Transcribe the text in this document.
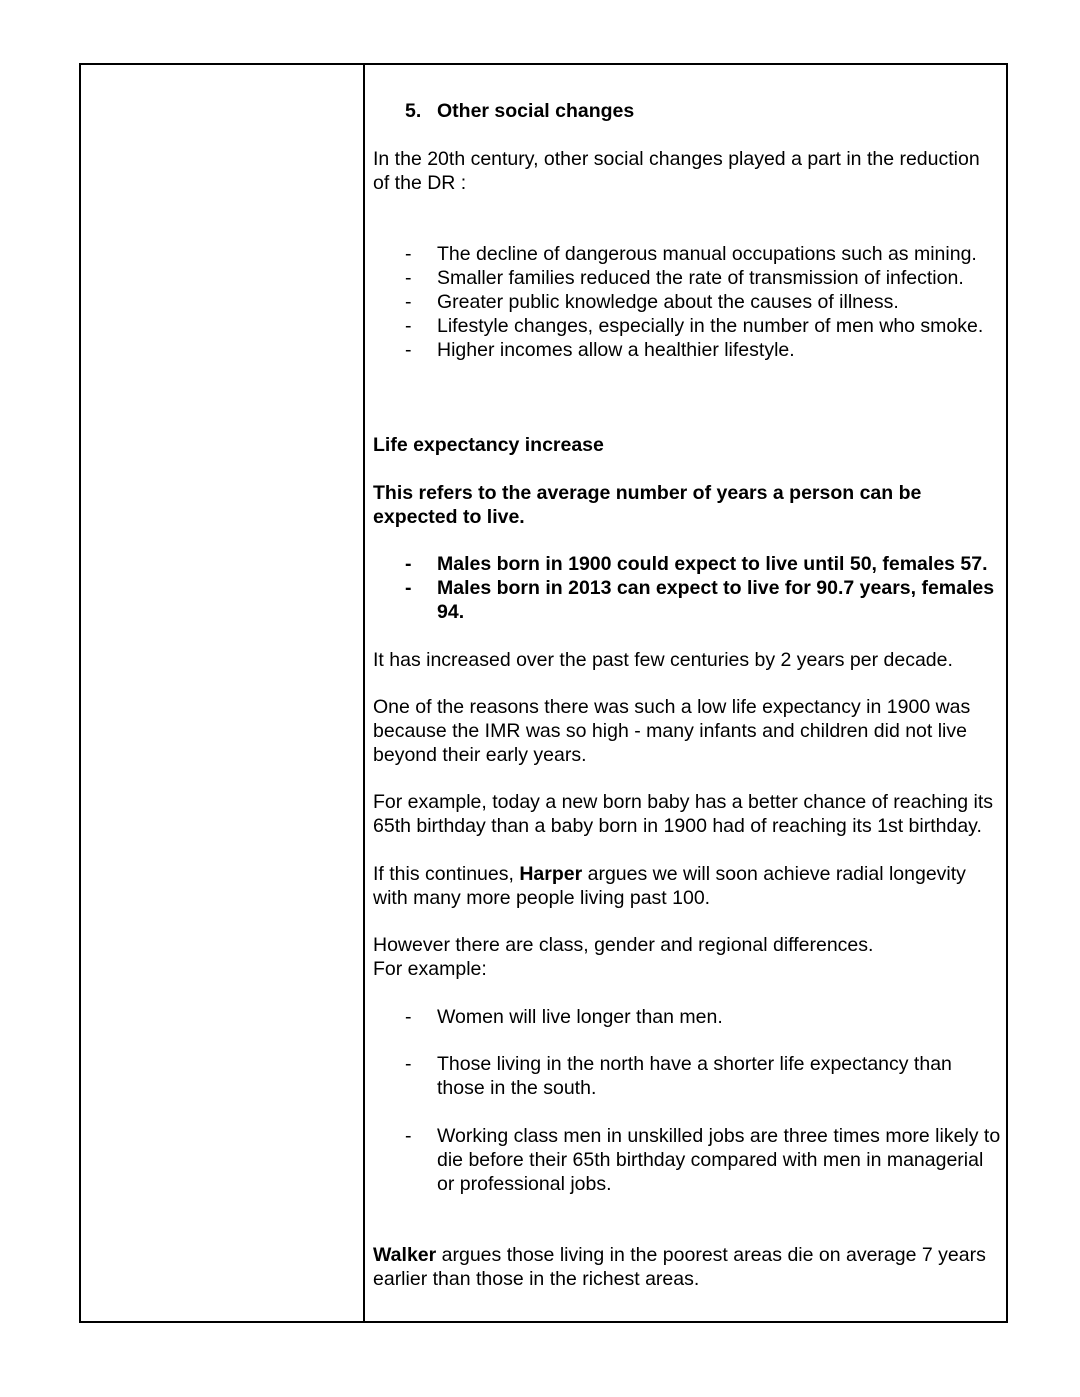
5. Other social changes
In the 20th century, other social changes played a part in the reduction
of the DR :
- The decline of dangerous manual occupations such as mining.
- Smaller families reduced the rate of transmission of infection.
- Greater public knowledge about the causes of illness.
- Lifestyle changes, especially in the number of men who smoke.
- Higher incomes allow a healthier lifestyle.
Life expectancy increase
This refers to the average number of years a person can be
expected to live.
- Males born in 1900 could expect to live until 50, females 57.
- Males born in 2013 can expect to live for 90.7 years, females
94.
It has increased over the past few centuries by 2 years per decade.
One of the reasons there was such a low life expectancy in 1900 was
because the IMR was so high - many infants and children did not live
beyond their early years.
For example, today a new born baby has a better chance of reaching its
65th birthday than a baby born in 1900 had of reaching its 1st birthday.
If this continues, Harper argues we will soon achieve radial longevity
with many more people living past 100.
However there are class, gender and regional differences.
For example:
- Women will live longer than men.
- Those living in the north have a shorter life expectancy than
those in the south.
- Working class men in unskilled jobs are three times more likely to
die before their 65th birthday compared with men in managerial
or professional jobs.
Walker argues those living in the poorest areas die on average 7 years
earlier than those in the richest areas.
